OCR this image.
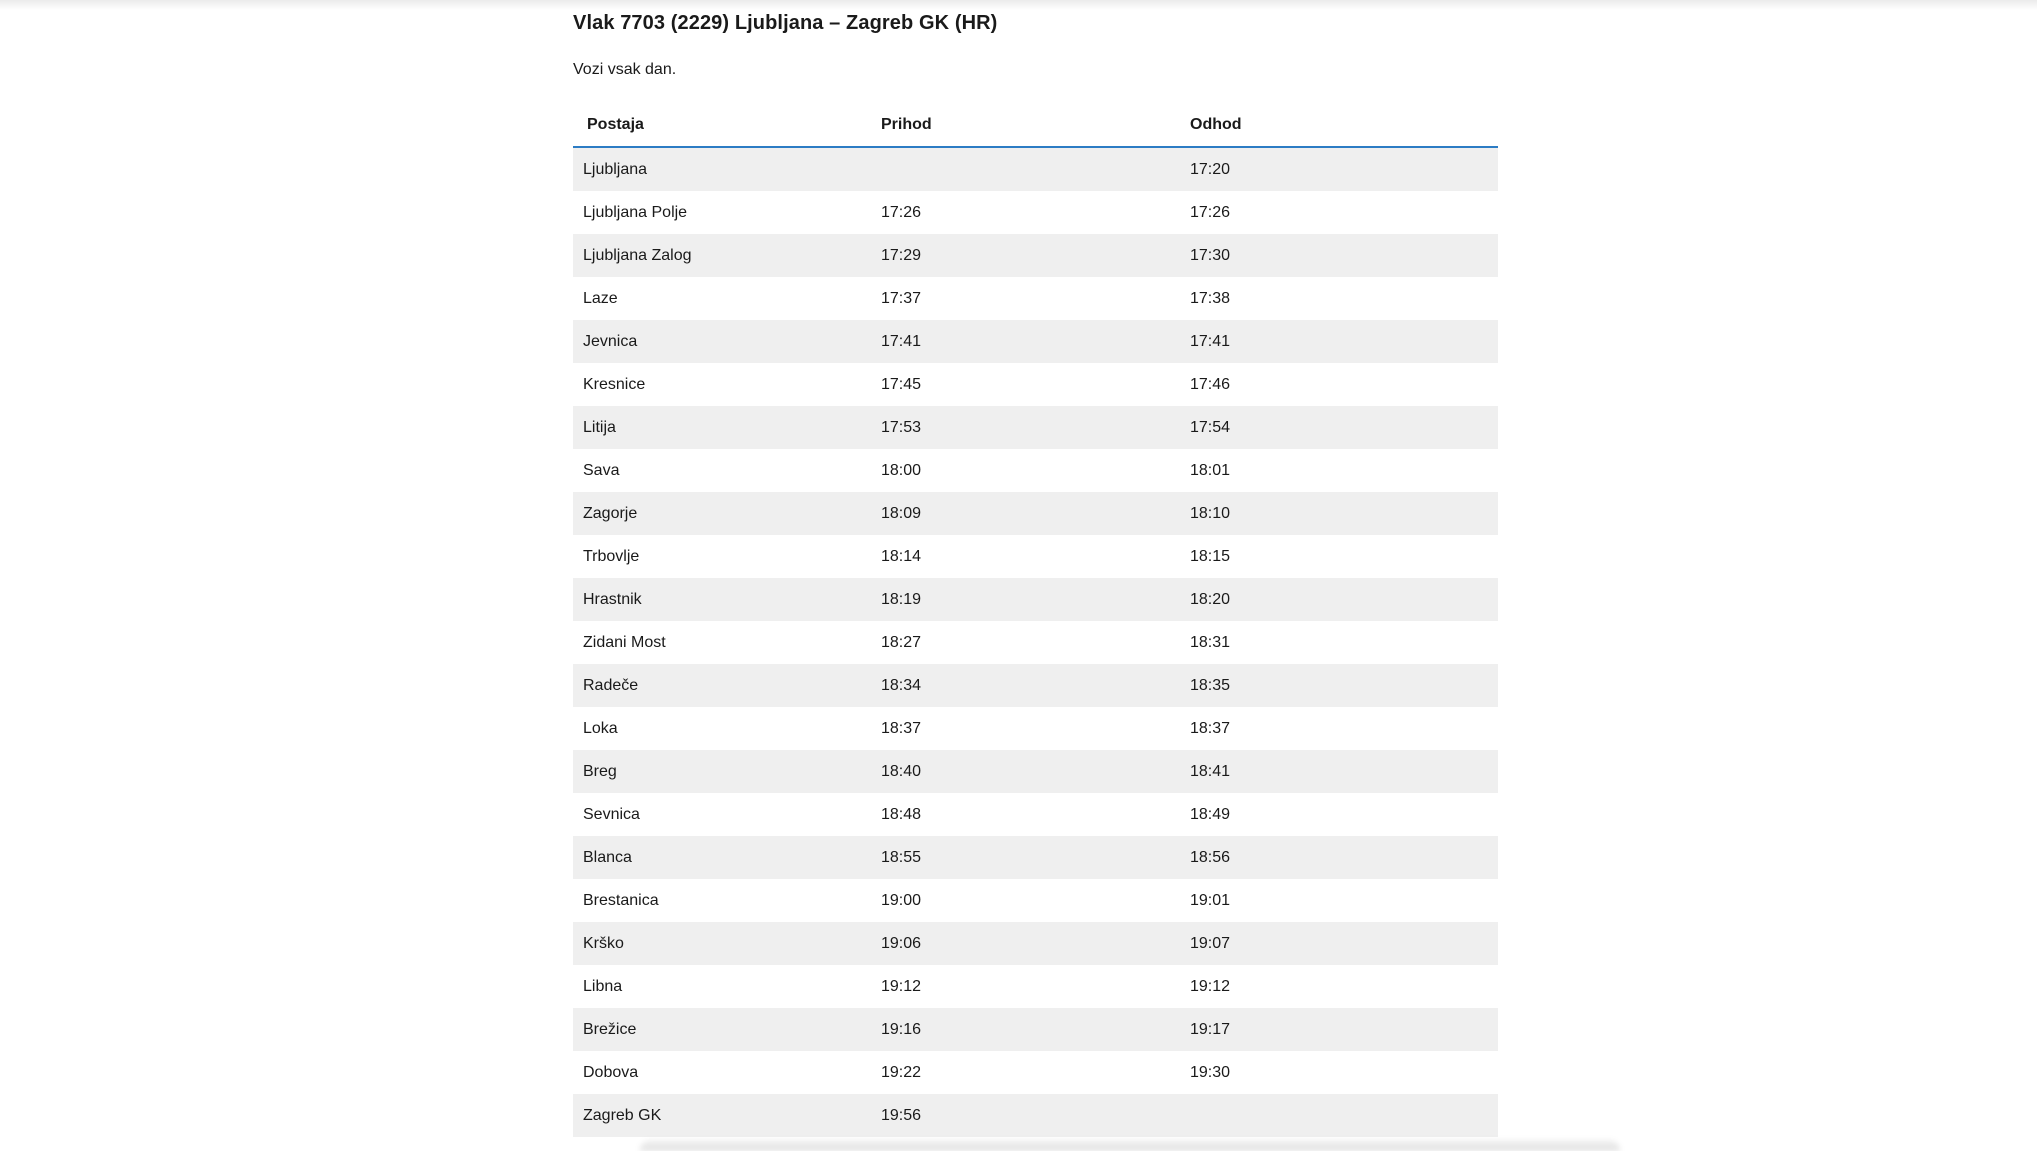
Vlak 7703 (2229) Ljubljana – Zagreb GK (HR)
Vozi vsak dan.
Postaja	Prihod	Odhod
Ljubljana		17:20
Ljubljana Polje	17:26	17:26
Ljubljana Zalog	17:29	17:30
Laze	17:37	17:38
Jevnica	17:41	17:41
Kresnice	17:45	17:46
Litija	17:53	17:54
Sava	18:00	18:01
Zagorje	18:09	18:10
Trbovlje	18:14	18:15
Hrastnik	18:19	18:20
Zidani Most	18:27	18:31
Radeče	18:34	18:35
Loka	18:37	18:37
Breg	18:40	18:41
Sevnica	18:48	18:49
Blanca	18:55	18:56
Brestanica	19:00	19:01
Krško	19:06	19:07
Libna	19:12	19:12
Brežice	19:16	19:17
Dobova	19:22	19:30
Zagreb GK	19:56	
